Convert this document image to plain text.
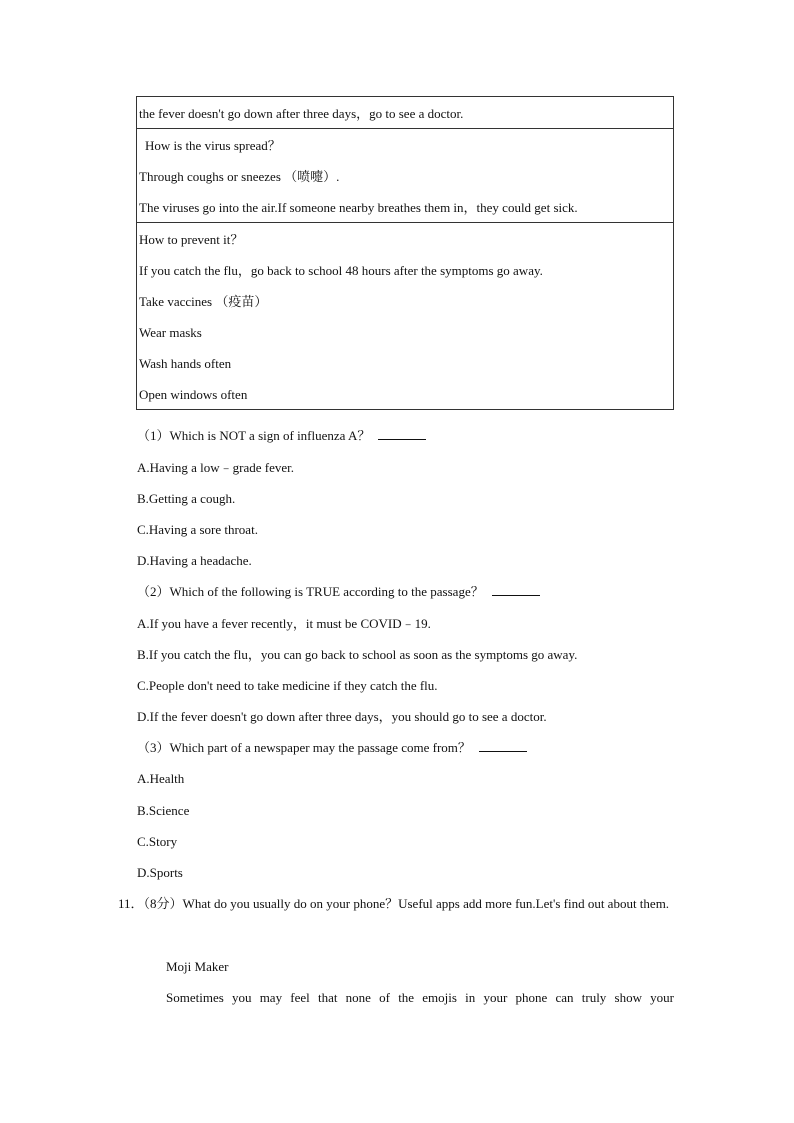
the fever doesn't go down after three days，go to see a doctor.
How is the virus spread？
Through coughs or sneezes （喷嚏）.
The viruses go into the air.If someone nearby breathes them in，they could get sick.
How to prevent it？
If you catch the flu，go back to school 48 hours after the symptoms go away.
Take vaccines （疫苗）
Wear masks
Wash hands often
Open windows often
（1）Which is NOT a sign of influenza A？
A.Having a low﹣grade fever.
B.Getting a cough.
C.Having a sore throat.
D.Having a headache.
（2）Which of the following is TRUE according to the passage？
A.If you have a fever recently，it must be COVID﹣19.
B.If you catch the flu，you can go back to school as soon as the symptoms go away.
C.People don't need to take medicine if they catch the flu.
D.If the fever doesn't go down after three days，you should go to see a doctor.
（3）Which part of a newspaper may the passage come from？
A.Health
B.Science
C.Story
D.Sports
11．（8分）What do you usually do on your phone？Useful apps add more fun.Let's find out about them.
Moji Maker
Sometimes you may feel that none of the emojis in your phone can truly show your
